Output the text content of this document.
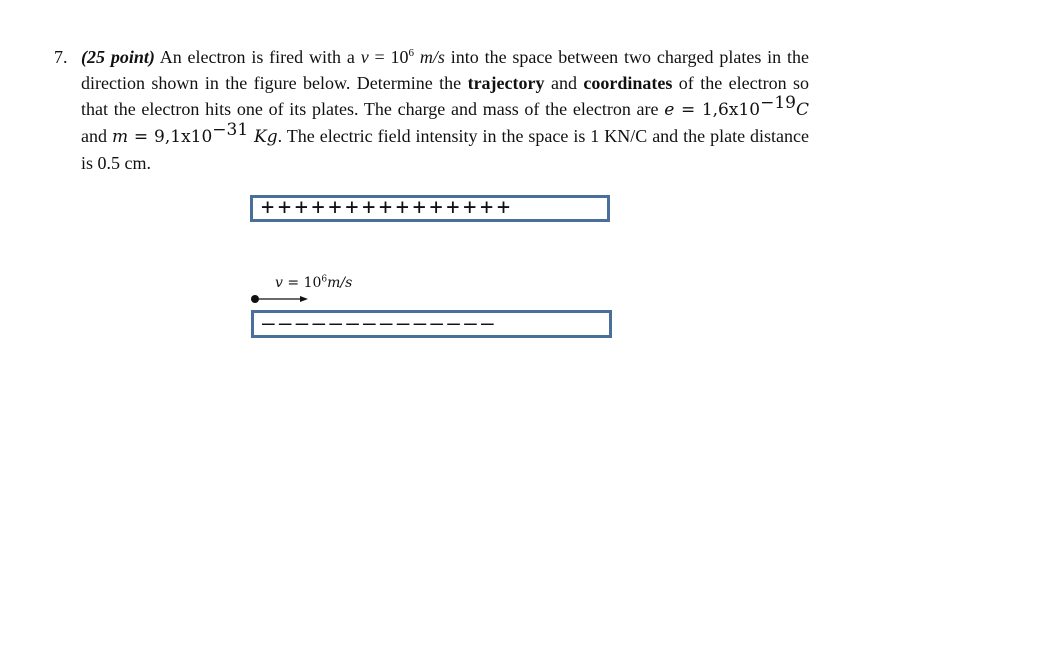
7. (25 point) An electron is fired with a $v = 10^6$ m/s into the space between two charged plates in the direction shown in the figure below. Determine the trajectory and coordinates of the electron so that the electron hits one of its plates. The charge and mass of the electron are $e = 1,6x10^{-19}C$ and $m = 9,1x10^{-31}$ Kg. The electric field intensity in the space is 1 KN/C and the plate distance is 0.5 cm.
+++++++++++++++
$v = 10^6m/s$
——————————————
